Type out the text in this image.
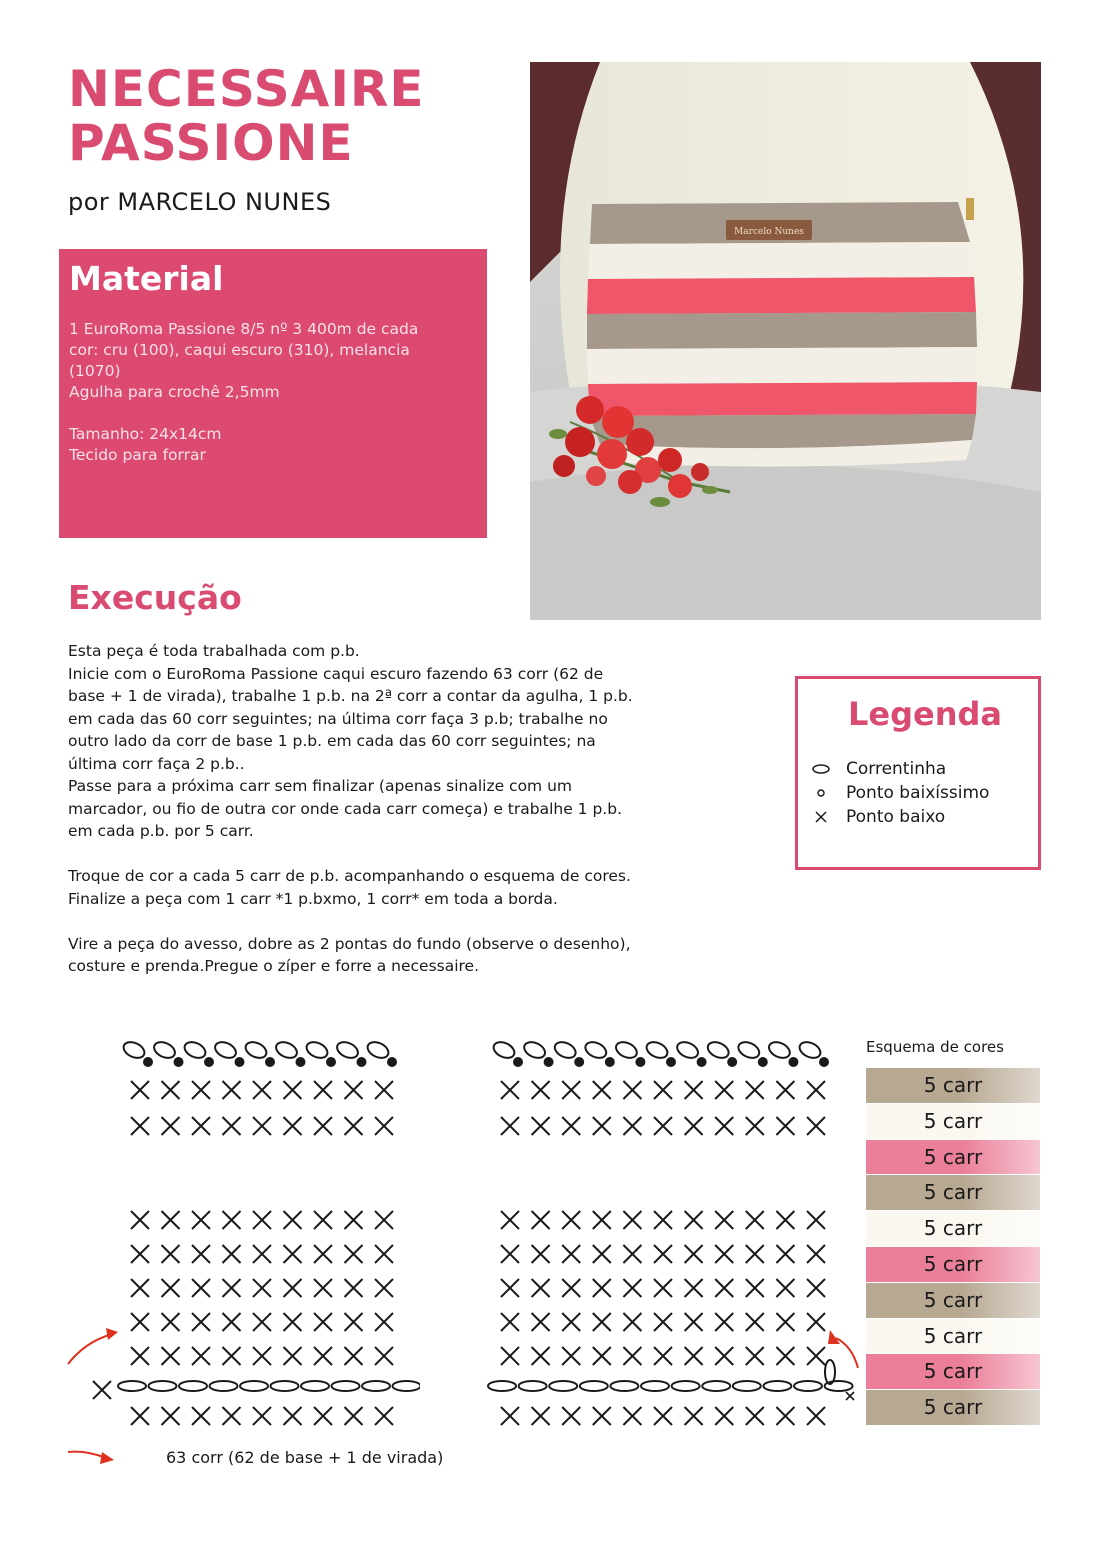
NECESSAIRE
PASSIONE
por MARCELO NUNES
Material
1 EuroRoma Passione 8/5 nº 3 400m de cada
cor: cru (100), caqui escuro (310), melancia
(1070)
Agulha para crochê 2,5mm
Tamanho: 24x14cm
Tecido para forrar
Marcelo Nunes
Execução
Esta peça é toda trabalhada com p.b.
Inicie com o EuroRoma Passione caqui escuro fazendo 63 corr (62 de
base + 1 de virada), trabalhe 1 p.b. na 2ª corr a contar da agulha, 1 p.b.
em cada das 60 corr seguintes; na última corr faça 3 p.b; trabalhe no
outro lado da corr de base 1 p.b. em cada das 60 corr seguintes; na
última corr faça 2 p.b..
Passe para a próxima carr sem finalizar (apenas sinalize com um
marcador, ou fio de outra cor onde cada carr começa) e trabalhe 1 p.b.
em cada p.b. por 5 carr.
Troque de cor a cada 5 carr de p.b. acompanhando o esquema de cores.
Finalize a peça com 1 carr *1 p.bxmo, 1 corr* em toda a borda.
Vire a peça do avesso, dobre as 2 pontas do fundo (observe o desenho),
costure e prenda.Pregue o zíper e forre a necessaire.
Legenda
Correntinha
Ponto baixíssimo
Ponto baixo
Esquema de cores
5 carr
5 carr
5 carr
5 carr
5 carr
5 carr
5 carr
5 carr
5 carr
5 carr
63 corr (62 de base + 1 de virada)
